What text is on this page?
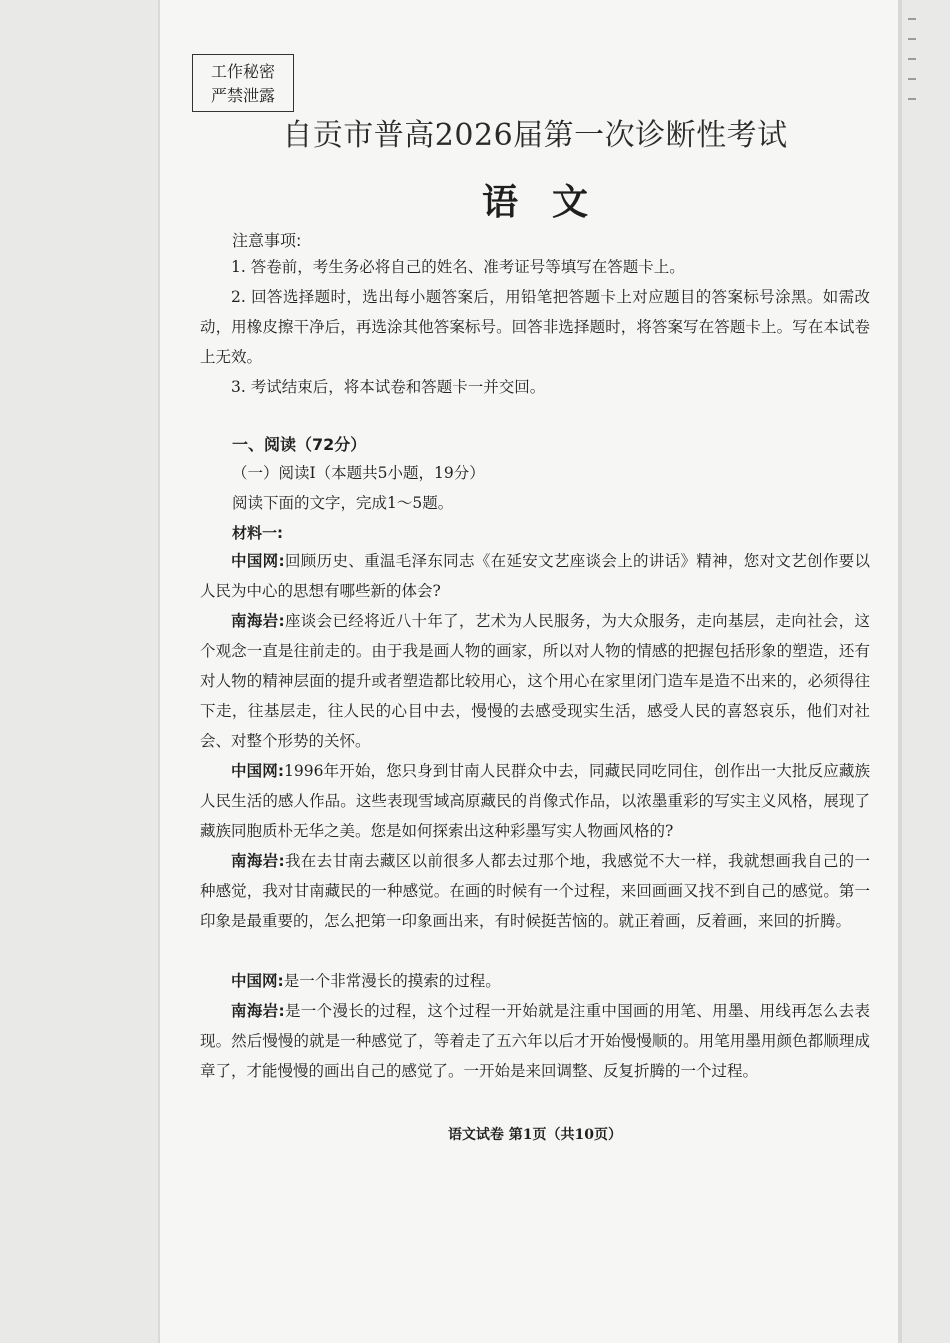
工作秘密
严禁泄露
自贡市普高2026届第一次诊断性考试
语文
注意事项:
1. 答卷前，考生务必将自己的姓名、准考证号等填写在答题卡上。
2. 回答选择题时，选出每小题答案后，用铅笔把答题卡上对应题目的答案标号涂黑。如需改动，用橡皮擦干净后，再选涂其他答案标号。回答非选择题时，将答案写在答题卡上。写在本试卷上无效。
3. 考试结束后，将本试卷和答题卡一并交回。
一、阅读（72分）
（一）阅读Ⅰ（本题共5小题，19分）
阅读下面的文字，完成1～5题。
材料一:
中国网:回顾历史、重温毛泽东同志《在延安文艺座谈会上的讲话》精神，您对文艺创作要以人民为中心的思想有哪些新的体会?
南海岩:座谈会已经将近八十年了，艺术为人民服务，为大众服务，走向基层，走向社会，这个观念一直是往前走的。由于我是画人物的画家，所以对人物的情感的把握包括形象的塑造，还有对人物的精神层面的提升或者塑造都比较用心，这个用心在家里闭门造车是造不出来的，必须得往下走，往基层走，往人民的心目中去，慢慢的去感受现实生活，感受人民的喜怒哀乐，他们对社会、对整个形势的关怀。
中国网:1996年开始，您只身到甘南人民群众中去，同藏民同吃同住，创作出一大批反应藏族人民生活的感人作品。这些表现雪域高原藏民的肖像式作品，以浓墨重彩的写实主义风格，展现了藏族同胞质朴无华之美。您是如何探索出这种彩墨写实人物画风格的?
南海岩:我在去甘南去藏区以前很多人都去过那个地，我感觉不大一样，我就想画我自己的一种感觉，我对甘南藏民的一种感觉。在画的时候有一个过程，来回画画又找不到自己的感觉。第一印象是最重要的，怎么把第一印象画出来，有时候挺苦恼的。就正着画，反着画，来回的折腾。
中国网:是一个非常漫长的摸索的过程。
南海岩:是一个漫长的过程，这个过程一开始就是注重中国画的用笔、用墨、用线再怎么去表现。然后慢慢的就是一种感觉了，等着走了五六年以后才开始慢慢顺的。用笔用墨用颜色都顺理成章了，才能慢慢的画出自己的感觉了。一开始是来回调整、反复折腾的一个过程。
语文试卷 第1页（共10页）
